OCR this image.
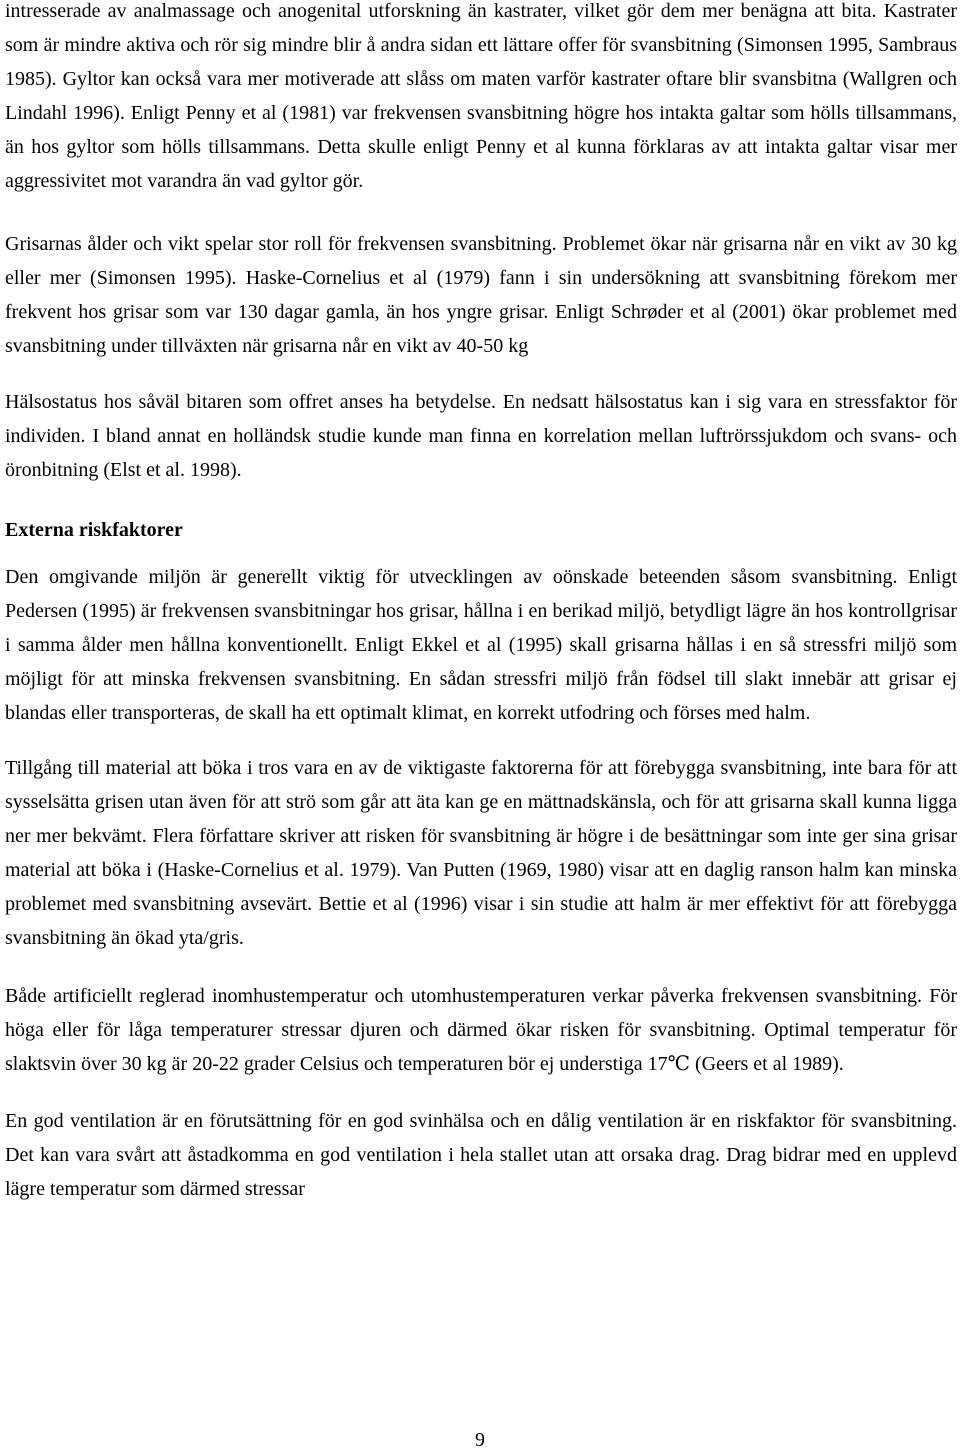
intresserade av analmassage och anogenital utforskning än kastrater, vilket gör dem mer benägna att bita. Kastrater som är mindre aktiva och rör sig mindre blir å andra sidan ett lättare offer för svansbitning (Simonsen 1995, Sambraus 1985). Gyltor kan också vara mer motiverade att slåss om maten varför kastrater oftare blir svansbitna (Wallgren och Lindahl 1996). Enligt Penny et al (1981) var frekvensen svansbitning högre hos intakta galtar som hölls tillsammans, än hos gyltor som hölls tillsammans. Detta skulle enligt Penny et al kunna förklaras av att intakta galtar visar mer aggressivitet mot varandra än vad gyltor gör.

Grisarnas ålder och vikt spelar stor roll för frekvensen svansbitning. Problemet ökar när grisarna når en vikt av 30 kg eller mer (Simonsen 1995). Haske-Cornelius et al (1979) fann i sin undersökning att svansbitning förekom mer frekvent hos grisar som var 130 dagar gamla, än hos yngre grisar. Enligt Schrøder et al (2001) ökar problemet med svansbitning under tillväxten när grisarna når en vikt av 40-50 kg

Hälsostatus hos såväl bitaren som offret anses ha betydelse. En nedsatt hälsostatus kan i sig vara en stressfaktor för individen. I bland annat en holländsk studie kunde man finna en korrelation mellan luftrörssjukdom och svans- och öronbitning (Elst et al. 1998).

Externa riskfaktorer

Den omgivande miljön är generellt viktig för utvecklingen av oönskade beteenden såsom svansbitning. Enligt Pedersen (1995) är frekvensen svansbitningar hos grisar, hållna i en berikad miljö, betydligt lägre än hos kontrollgrisar i samma ålder men hållna konventionellt. Enligt Ekkel et al (1995) skall grisarna hållas i en så stressfri miljö som möjligt för att minska frekvensen svansbitning. En sådan stressfri miljö från födsel till slakt innebär att grisar ej blandas eller transporteras, de skall ha ett optimalt klimat, en korrekt utfodring och förses med halm.

Tillgång till material att böka i tros vara en av de viktigaste faktorerna för att förebygga svansbitning, inte bara för att sysselsätta grisen utan även för att strö som går att äta kan ge en mättnadskänsla, och för att grisarna skall kunna ligga ner mer bekvämt. Flera författare skriver att risken för svansbitning är högre i de besättningar som inte ger sina grisar material att böka i (Haske-Cornelius et al. 1979). Van Putten (1969, 1980) visar att en daglig ranson halm kan minska problemet med svansbitning avsevärt. Bettie et al (1996) visar i sin studie att halm är mer effektivt för att förebygga svansbitning än ökad yta/gris.

Både artificiellt reglerad inomhustemperatur och utomhustemperaturen verkar påverka frekvensen svansbitning. För höga eller för låga temperaturer stressar djuren och därmed ökar risken för svansbitning. Optimal temperatur för slaktsvin över 30 kg är 20-22 grader Celsius och temperaturen bör ej understiga 17℃ (Geers et al 1989).

En god ventilation är en förutsättning för en god svinhälsa och en dålig ventilation är en riskfaktor för svansbitning. Det kan vara svårt att åstadkomma en god ventilation i hela stallet utan att orsaka drag. Drag bidrar med en upplevd lägre temperatur som därmed stressar

9
